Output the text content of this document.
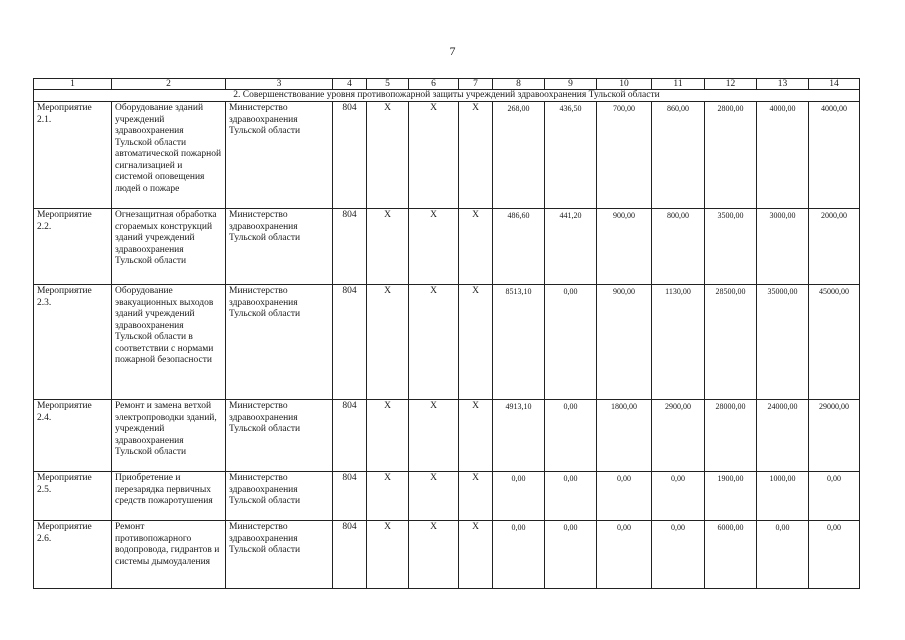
7
1	2	3	4	5	6	7	8	9	10	11	12	13	14
2. Совершенствование уровня противопожарной защиты учреждений здравоохранения Тульской области													
Мероприятие 2.1.	Оборудование зданий учреждений здравоохранения Тульской области автоматической пожарной сигнализацией и системой оповещения людей о пожаре	Министерство здравоохранения Тульской области	804	X	X	X	268,00	436,50	700,00	860,00	2800,00	4000,00	4000,00
Мероприятие 2.2.	Огнезащитная обработка сгораемых конструкций зданий учреждений здравоохранения Тульской области	Министерство здравоохранения Тульской области	804	X	X	X	486,60	441,20	900,00	800,00	3500,00	3000,00	2000,00
Мероприятие 2.3.	Оборудование эвакуационных выходов зданий учреждений здравоохранения Тульской области в соответствии с нормами пожарной безопасности	Министерство здравоохранения Тульской области	804	X	X	X	8513,10	0,00	900,00	1130,00	28500,00	35000,00	45000,00
Мероприятие 2.4.	Ремонт и замена ветхой электропроводки зданий, учреждений здравоохранения Тульской области	Министерство здравоохранения Тульской области	804	X	X	X	4913,10	0,00	1800,00	2900,00	28000,00	24000,00	29000,00
Мероприятие 2.5.	Приобретение и перезарядка первичных средств пожаротушения	Министерство здравоохранения Тульской области	804	X	X	X	0,00	0,00	0,00	0,00	1900,00	1000,00	0,00
Мероприятие 2.6.	Ремонт противопожарного водопровода, гидрантов и системы дымоудаления	Министерство здравоохранения Тульской области	804	X	X	X	0,00	0,00	0,00	0,00	6000,00	0,00	0,00
